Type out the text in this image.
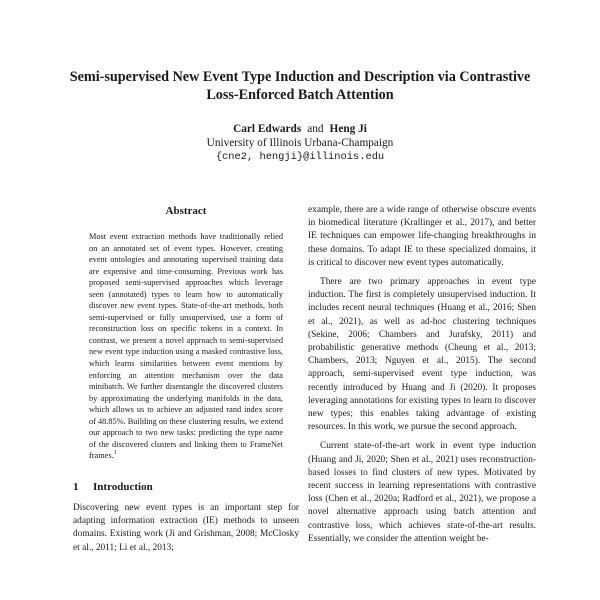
Semi-supervised New Event Type Induction and Description via Contrastive Loss-Enforced Batch Attention
Carl Edwards and Heng Ji
University of Illinois Urbana-Champaign
{cne2, hengji}@illinois.edu
Abstract

Most event extraction methods have traditionally relied on an annotated set of event types. However, creating event ontologies and annotating supervised training data are expensive and time-consuming. Previous work has proposed semi-supervised approaches which leverage seen (annotated) types to learn how to automatically discover new event types. State-of-the-art methods, both semi-supervised or fully unsupervised, use a form of reconstruction loss on specific tokens in a context. In contrast, we present a novel approach to semi-supervised new event type induction using a masked contrastive loss, which learns similarities between event mentions by enforcing an attention mechanism over the data minibatch. We further disentangle the discovered clusters by approximating the underlying manifolds in the data, which allows us to achieve an adjusted rand index score of 48.85%. Building on these clustering results, we extend our approach to two new tasks: predicting the type name of the discovered clusters and linking them to FrameNet frames.$^1$

1 Introduction

Discovering new event types is an important step for adapting information extraction (IE) methods to unseen domains. Existing work (Ji and Grishman, 2008; McClosky et al., 2011; Li et al., 2013;

example, there are a wide range of otherwise obscure events in biomedical literature (Krallinger et al., 2017), and better IE techniques can empower life-changing breakthroughs in these domains. To adapt IE to these specialized domains, it is critical to discover new event types automatically.

There are two primary approaches in event type induction. The first is completely unsupervised induction. It includes recent neural techniques (Huang et al., 2016; Shen et al., 2021), as well as ad-hoc clustering techniques (Sekine, 2006; Chambers and Jurafsky, 2011) and probabilistic generative methods (Cheung et al., 2013; Chambers, 2013; Nguyen et al., 2015). The second approach, semi-supervised event type induction, was recently introduced by Huang and Ji (2020). It proposes leveraging annotations for existing types to learn to discover new types; this enables taking advantage of existing resources. In this work, we pursue the second approach.

Current state-of-the-art work in event type induction (Huang and Ji, 2020; Shen et al., 2021) uses reconstruction-based losses to find clusters of new types. Motivated by recent success in learning representations with contrastive loss (Chen et al., 2020a; Radford et al., 2021), we propose a novel alternative approach using batch attention and contrastive loss, which achieves state-of-the-art results. Essentially, we consider the attention weight be-
